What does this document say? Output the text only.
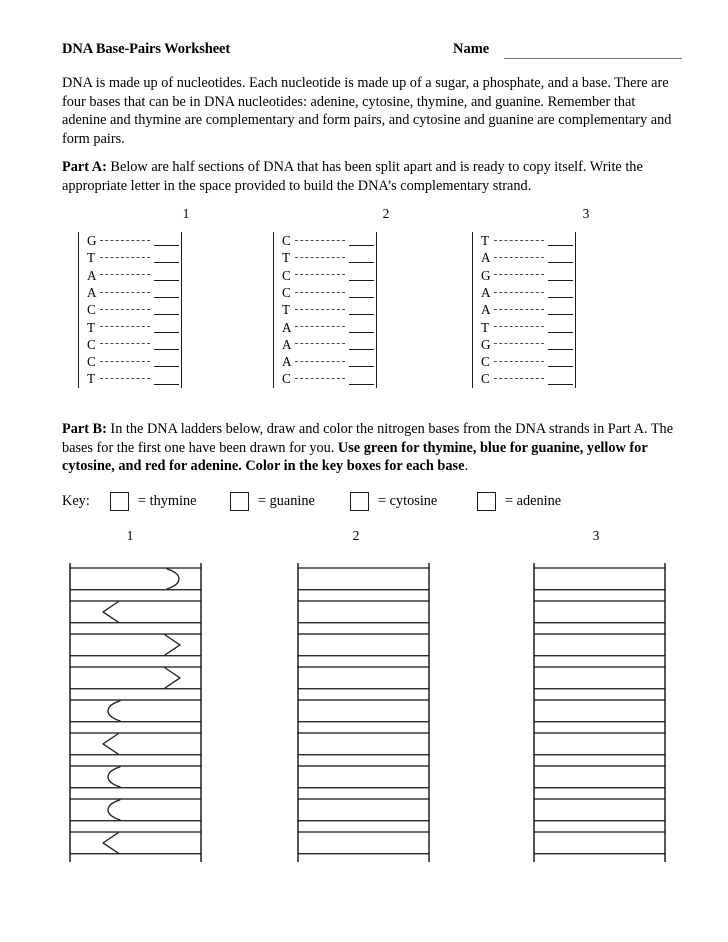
DNA Base-Pairs Worksheet	Name
DNA is made up of nucleotides. Each nucleotide is made up of a sugar, a phosphate, and a base. There are four bases that can be in DNA nucleotides: adenine, cytosine, thymine, and guanine. Remember that adenine and thymine are complementary and form pairs, and cytosine and guanine are complementary and form pairs.
Part A: Below are half sections of DNA that has been split apart and is ready to copy itself. Write the appropriate letter in the space provided to build the DNA’s complementary strand.
1	2	3
G
T
A
A
C
T
C
C
T
C
T
C
C
T
A
A
A
C
T
A
G
A
A
T
G
C
C
Part B: In the DNA ladders below, draw and color the nitrogen bases from the DNA strands in Part A. The bases for the first one have been drawn for you. Use green for thymine, blue for guanine, yellow for cytosine, and red for adenine. Color in the key boxes for each base.
Key:	= thymine	= guanine	= cytosine	= adenine
1	2	3
